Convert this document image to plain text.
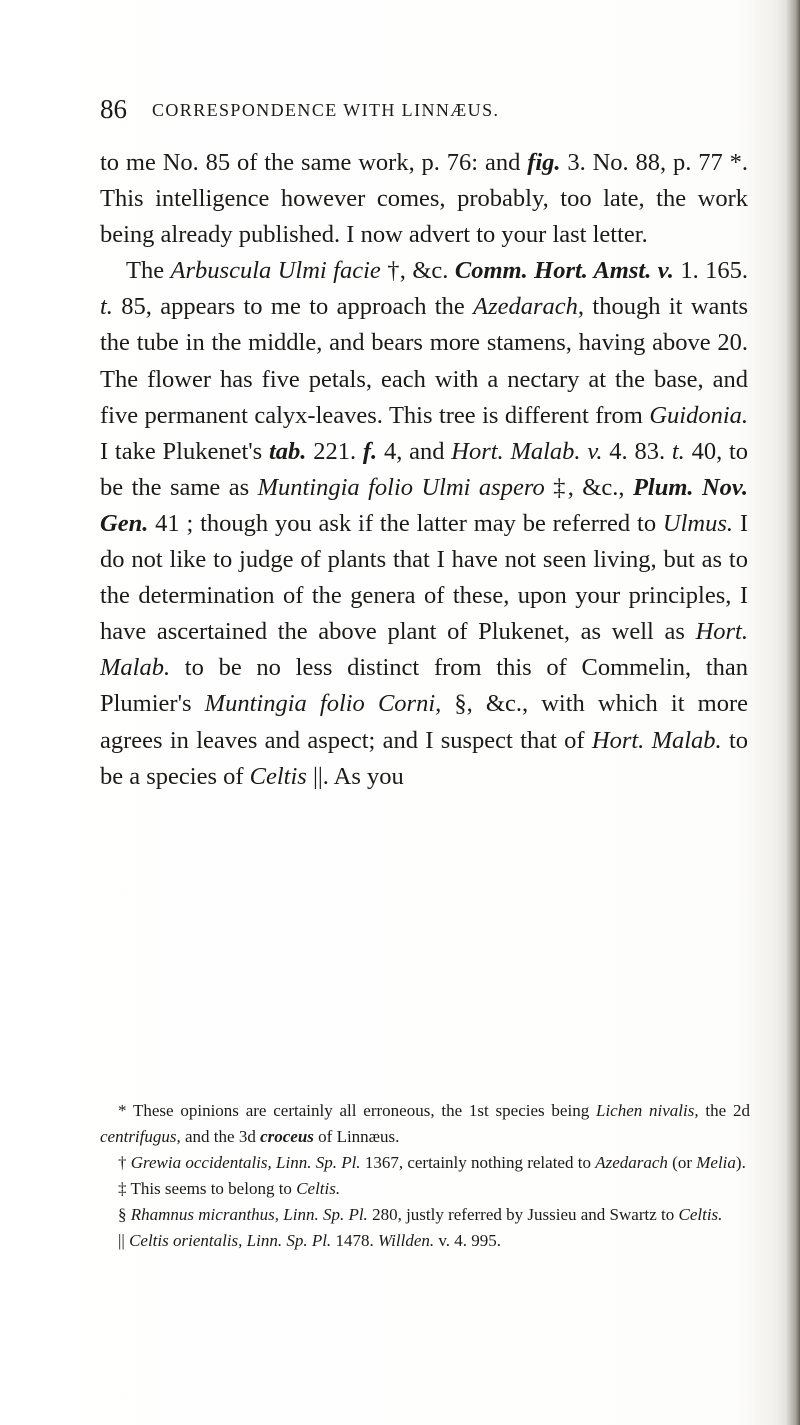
86 CORRESPONDENCE WITH LINNÆUS.

to me No. 85 of the same work, p. 76: and fig. 3. No. 88, p. 77 *. This intelligence however comes, probably, too late, the work being already published. I now advert to your last letter.

The Arbuscula Ulmi facie †, &c. Comm. Hort. Amst. v. 1. 165. t. 85, appears to me to approach the Azedarach, though it wants the tube in the middle, and bears more stamens, having above 20. The flower has five petals, each with a nectary at the base, and five permanent calyx-leaves. This tree is different from Guidonia. I take Plukenet's tab. 221. f. 4, and Hort. Malab. v. 4. 83. t. 40, to be the same as Muntingia folio Ulmi aspero ‡, &c., Plum. Nov. Gen. 41 ; though you ask if the latter may be referred to Ulmus. I do not like to judge of plants that I have not seen living, but as to the determination of the genera of these, upon your principles, I have ascertained the above plant of Plukenet, as well as Hort. Malab. to be no less distinct from this of Commelin, than Plumier's Muntingia folio Corni, §, &c., with which it more agrees in leaves and aspect; and I suspect that of Hort. Malab. to be a species of Celtis ||. As you

* These opinions are certainly all erroneous, the 1st species being Lichen nivalis, the 2d centrifugus, and the 3d croceus of Linnæus.

† Grewia occidentalis, Linn. Sp. Pl. 1367, certainly nothing related to Azedarach (or Melia).

‡ This seems to belong to Celtis.

§ Rhamnus micranthus, Linn. Sp. Pl. 280, justly referred by Jussieu and Swartz to Celtis.

|| Celtis orientalis, Linn. Sp. Pl. 1478. Willden. v. 4. 995.
